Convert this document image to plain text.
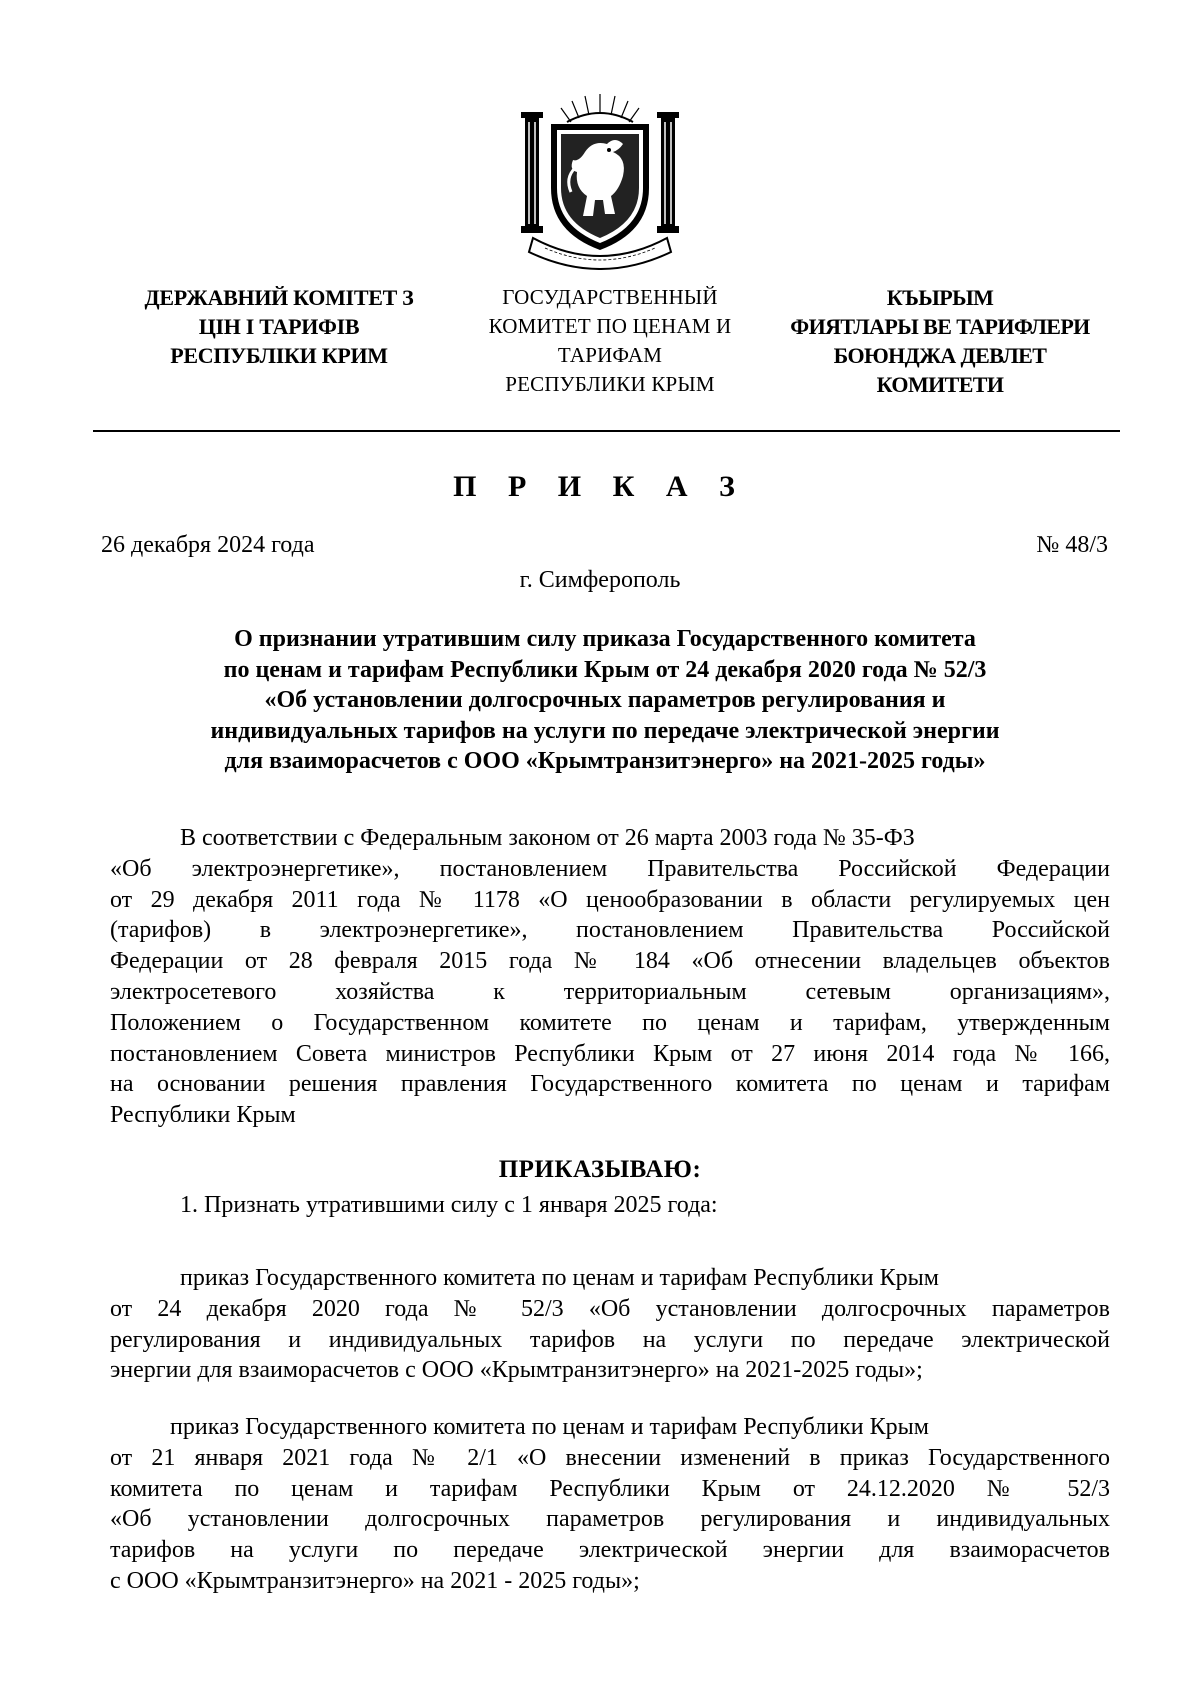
ДЕРЖАВНИЙ КОМІТЕТ З
ЦІН І ТАРИФІВ
РЕСПУБЛІКИ КРИМ
ГОСУДАРСТВЕННЫЙ
КОМИТЕТ ПО ЦЕНАМ И
ТАРИФАМ
РЕСПУБЛИКИ КРЫМ
КЪЫРЫМ
ФИЯТЛАРЫ ВЕ ТАРИФЛЕРИ
БОЮНДЖА ДЕВЛЕТ
КОМИТЕТИ
П Р И К А З
26 декабря 2024 года	№ 48/3
г. Симферополь
О признании утратившим силу приказа Государственного комитета
по ценам и тарифам Республики Крым от 24 декабря 2020 года № 52/3
«Об установлении долгосрочных параметров регулирования и
индивидуальных тарифов на услуги по передаче электрической энергии
для взаиморасчетов с ООО «Крымтранзитэнерго» на 2021-2025 годы»
В соответствии с Федеральным законом от 26 марта 2003 года № 35-ФЗ
«Об электроэнергетике», постановлением Правительства Российской Федерации
от 29 декабря 2011 года № 1178 «О ценообразовании в области регулируемых цен
(тарифов) в электроэнергетике», постановлением Правительства Российской
Федерации от 28 февраля 2015 года № 184 «Об отнесении владельцев объектов
электросетевого хозяйства к территориальным сетевым организациям»,
Положением о Государственном комитете по ценам и тарифам, утвержденным
постановлением Совета министров Республики Крым от 27 июня 2014 года № 166,
на основании решения правления Государственного комитета по ценам и тарифам
Республики Крым
ПРИКАЗЫВАЮ:
1. Признать утратившими силу с 1 января 2025 года:
приказ Государственного комитета по ценам и тарифам Республики Крым
от 24 декабря 2020 года № 52/3 «Об установлении долгосрочных параметров
регулирования и индивидуальных тарифов на услуги по передаче электрической
энергии для взаиморасчетов с ООО «Крымтранзитэнерго» на 2021-2025 годы»;
приказ Государственного комитета по ценам и тарифам Республики Крым
от 21 января 2021 года № 2/1 «О внесении изменений в приказ Государственного
комитета по ценам и тарифам Республики Крым от 24.12.2020 № 52/3
«Об установлении долгосрочных параметров регулирования и индивидуальных
тарифов на услуги по передаче электрической энергии для взаиморасчетов
с ООО «Крымтранзитэнерго» на 2021 - 2025 годы»;
